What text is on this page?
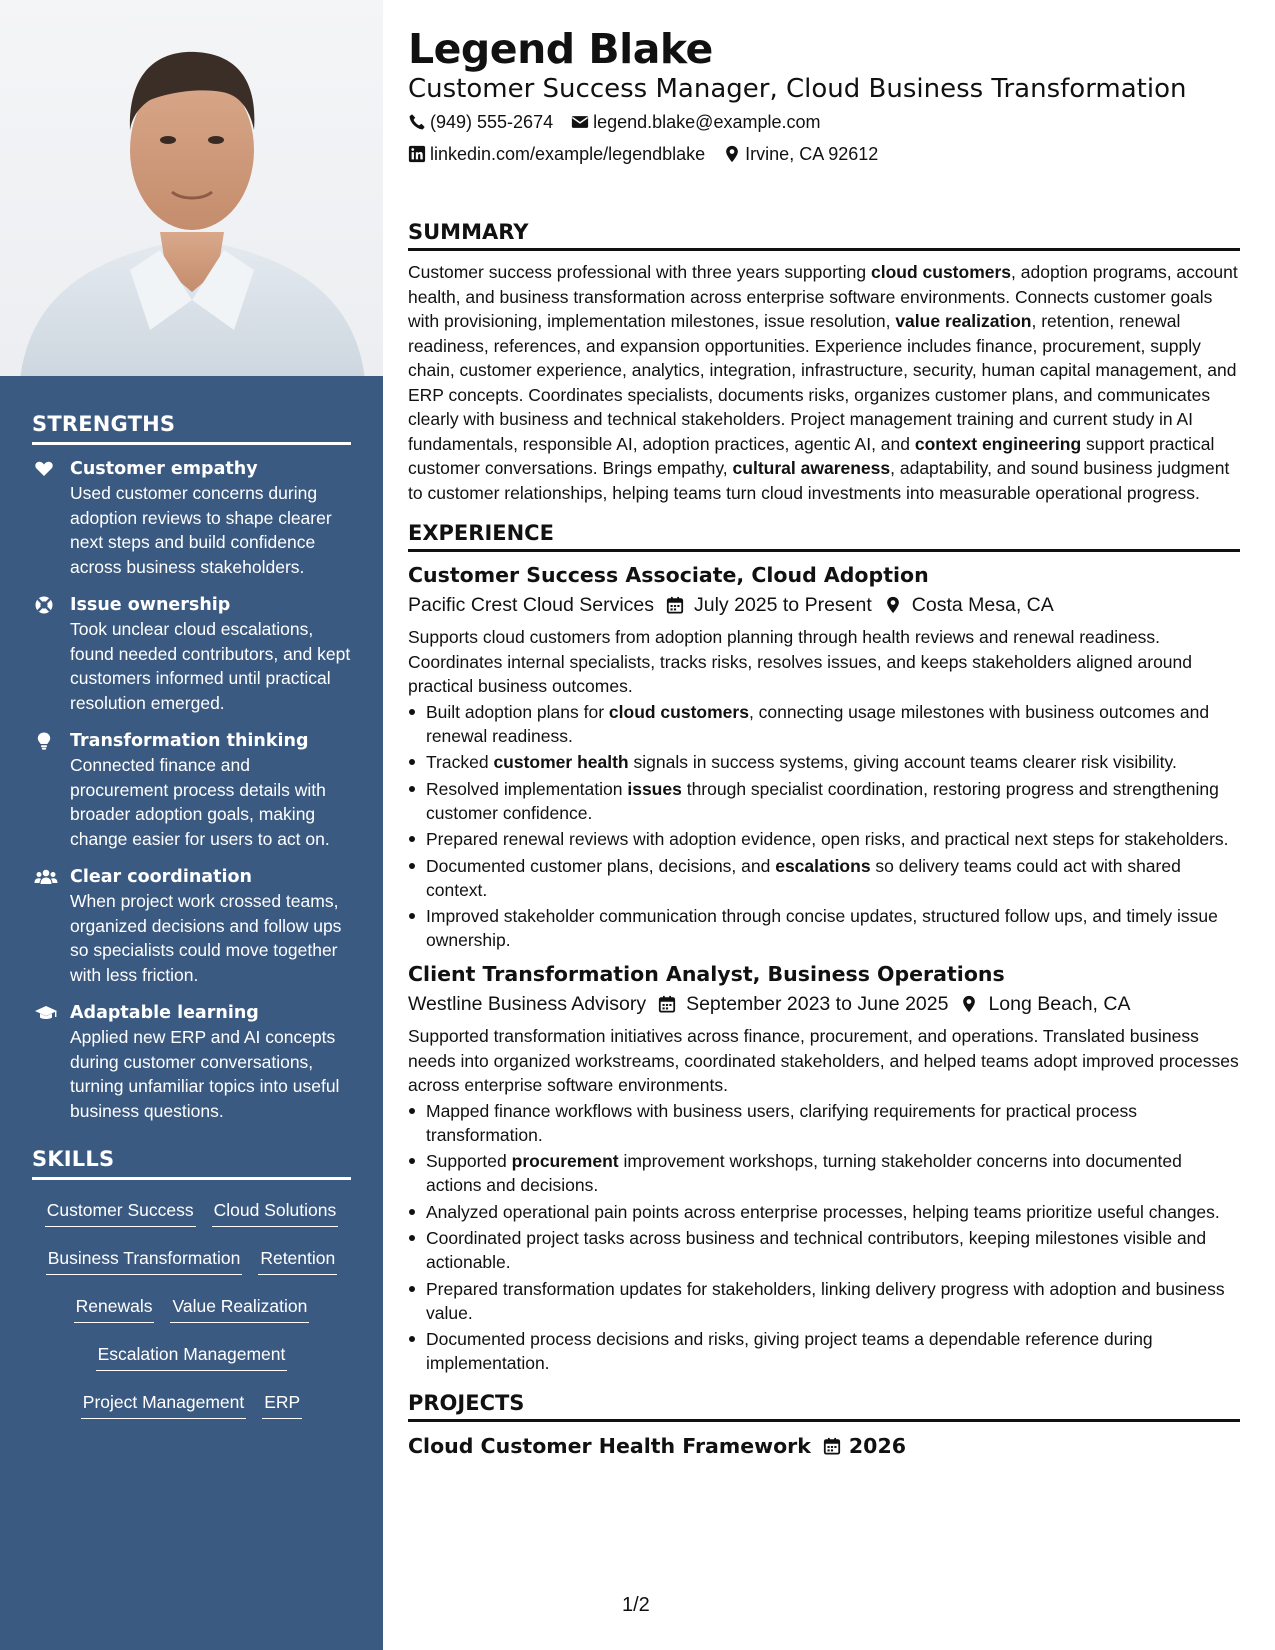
STRENGTHS
Customer empathy
Used customer concerns during adoption reviews to shape clearer next steps and build confidence across business stakeholders.
Issue ownership
Took unclear cloud escalations, found needed contributors, and kept customers informed until practical resolution emerged.
Transformation thinking
Connected finance and procurement process details with broader adoption goals, making change easier for users to act on.
Clear coordination
When project work crossed teams, organized decisions and follow ups so specialists could move together with less friction.
Adaptable learning
Applied new ERP and AI concepts during customer conversations, turning unfamiliar topics into useful business questions.
SKILLS
Customer Success Cloud Solutions
Business Transformation Retention
Renewals Value Realization
Escalation Management
Project Management ERP
Legend Blake
Customer Success Manager, Cloud Business Transformation
(949) 555-2674 legend.blake@example.com
linkedin.com/example/legendblake Irvine, CA 92612
SUMMARY
Customer success professional with three years supporting cloud customers, adoption programs, account health, and business transformation across enterprise software environments. Connects customer goals with provisioning, implementation milestones, issue resolution, value realization, retention, renewal readiness, references, and expansion opportunities. Experience includes finance, procurement, supply chain, customer experience, analytics, integration, infrastructure, security, human capital management, and ERP concepts. Coordinates specialists, documents risks, organizes customer plans, and communicates clearly with business and technical stakeholders. Project management training and current study in AI fundamentals, responsible AI, adoption practices, agentic AI, and context engineering support practical customer conversations. Brings empathy, cultural awareness, adaptability, and sound business judgment to customer relationships, helping teams turn cloud investments into measurable operational progress.
EXPERIENCE
Customer Success Associate, Cloud Adoption
Pacific Crest Cloud Services July 2025 to Present Costa Mesa, CA
Supports cloud customers from adoption planning through health reviews and renewal readiness. Coordinates internal specialists, tracks risks, resolves issues, and keeps stakeholders aligned around practical business outcomes.
Built adoption plans for cloud customers, connecting usage milestones with business outcomes and renewal readiness.
Tracked customer health signals in success systems, giving account teams clearer risk visibility.
Resolved implementation issues through specialist coordination, restoring progress and strengthening customer confidence.
Prepared renewal reviews with adoption evidence, open risks, and practical next steps for stakeholders.
Documented customer plans, decisions, and escalations so delivery teams could act with shared context.
Improved stakeholder communication through concise updates, structured follow ups, and timely issue ownership.
Client Transformation Analyst, Business Operations
Westline Business Advisory September 2023 to June 2025 Long Beach, CA
Supported transformation initiatives across finance, procurement, and operations. Translated business needs into organized workstreams, coordinated stakeholders, and helped teams adopt improved processes across enterprise software environments.
Mapped finance workflows with business users, clarifying requirements for practical process transformation.
Supported procurement improvement workshops, turning stakeholder concerns into documented actions and decisions.
Analyzed operational pain points across enterprise processes, helping teams prioritize useful changes.
Coordinated project tasks across business and technical contributors, keeping milestones visible and actionable.
Prepared transformation updates for stakeholders, linking delivery progress with adoption and business value.
Documented process decisions and risks, giving project teams a dependable reference during implementation.
PROJECTS
Cloud Customer Health Framework 2026
1/2
